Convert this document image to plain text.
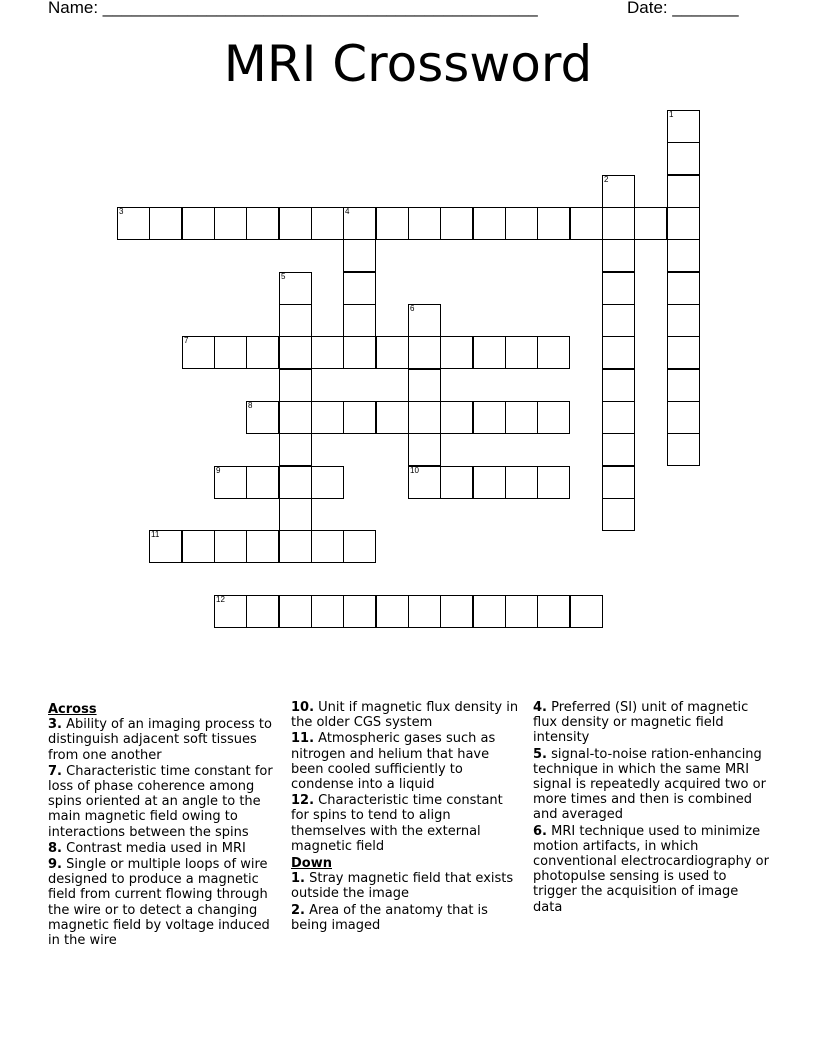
Name: ______________________________________________	Date: _______
MRI Crossword
1
2
3	4
5
6
10
7
8
9
11
12
Across
3. Ability of an imaging process to distinguish adjacent soft tissues from one another
7. Characteristic time constant for loss of phase coherence among spins oriented at an angle to the main magnetic field owing to interactions between the spins
8. Contrast media used in MRI
9. Single or multiple loops of wire designed to produce a magnetic field from current flowing through the wire or to detect a changing magnetic field by voltage induced in the wire
10. Unit if magnetic flux density in the older CGS system
11. Atmospheric gases such as nitrogen and helium that have been cooled sufficiently to condense into a liquid
12. Characteristic time constant for spins to tend to align themselves with the external magnetic field
Down
1. Stray magnetic field that exists outside the image
2. Area of the anatomy that is being imaged
4. Preferred (SI) unit of magnetic flux density or magnetic field intensity
5. signal-to-noise ration-enhancing technique in which the same MRI signal is repeatedly acquired two or more times and then is combined and averaged
6. MRI technique used to minimize motion artifacts, in which conventional electrocardiography or photopulse sensing is used to trigger the acquisition of image data
